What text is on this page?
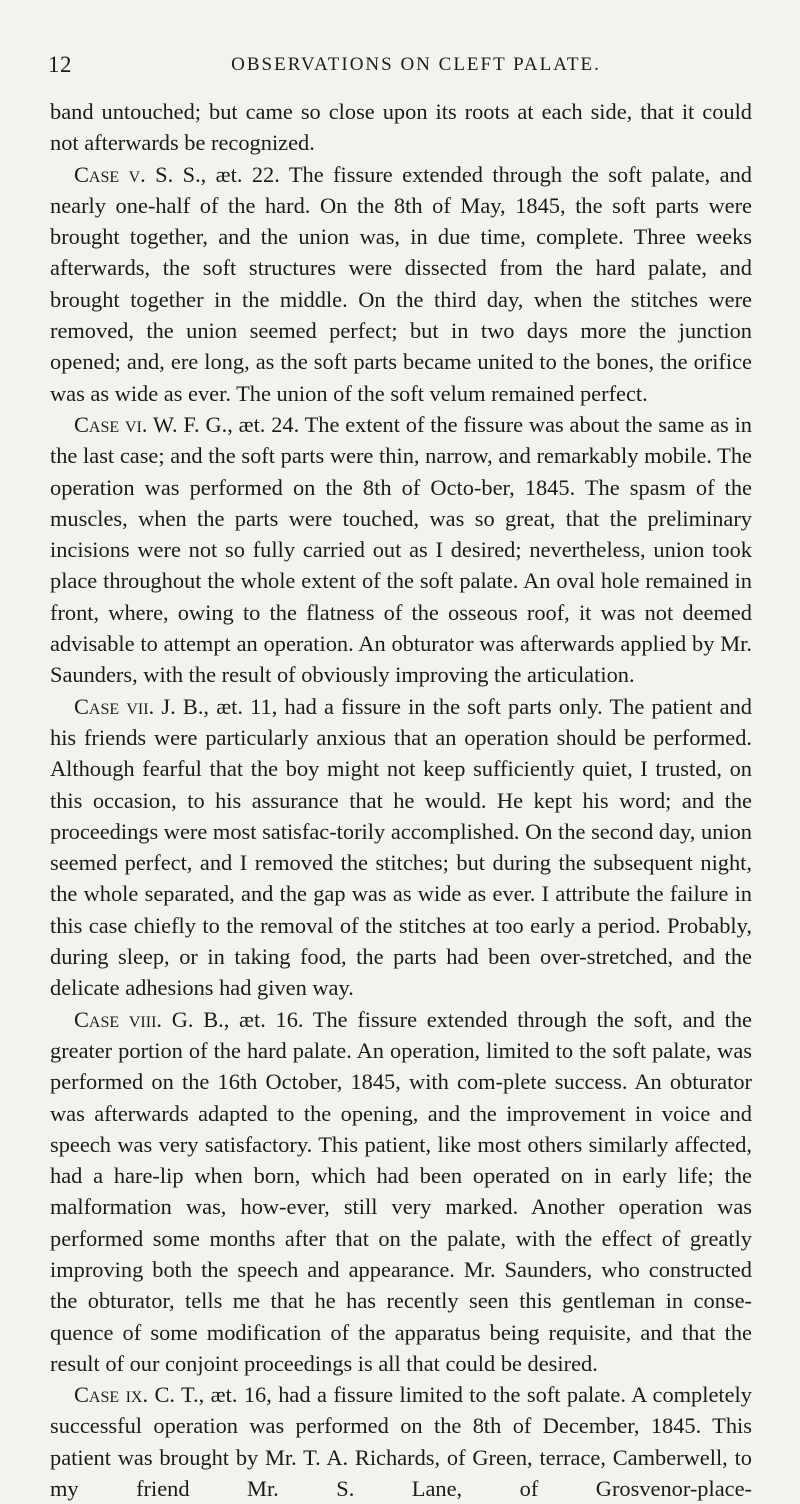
12	OBSERVATIONS ON CLEFT PALATE.

band untouched; but came so close upon its roots at each side, that it could not afterwards be recognized.

Case v. S. S., æt. 22. The fissure extended through the soft palate, and nearly one-half of the hard. On the 8th of May, 1845, the soft parts were brought together, and the union was, in due time, complete. Three weeks afterwards, the soft structures were dissected from the hard palate, and brought together in the middle. On the third day, when the stitches were removed, the union seemed perfect; but in two days more the junction opened; and, ere long, as the soft parts became united to the bones, the orifice was as wide as ever. The union of the soft velum remained perfect.

Case vi. W. F. G., æt. 24. The extent of the fissure was about the same as in the last case; and the soft parts were thin, narrow, and remarkably mobile. The operation was performed on the 8th of Octo-ber, 1845. The spasm of the muscles, when the parts were touched, was so great, that the preliminary incisions were not so fully carried out as I desired; nevertheless, union took place throughout the whole extent of the soft palate. An oval hole remained in front, where, owing to the flatness of the osseous roof, it was not deemed advisable to attempt an operation. An obturator was afterwards applied by Mr. Saunders, with the result of obviously improving the articulation.

Case vii. J. B., æt. 11, had a fissure in the soft parts only. The patient and his friends were particularly anxious that an operation should be performed. Although fearful that the boy might not keep sufficiently quiet, I trusted, on this occasion, to his assurance that he would. He kept his word; and the proceedings were most satisfac-torily accomplished. On the second day, union seemed perfect, and I removed the stitches; but during the subsequent night, the whole separated, and the gap was as wide as ever. I attribute the failure in this case chiefly to the removal of the stitches at too early a period. Probably, during sleep, or in taking food, the parts had been over-stretched, and the delicate adhesions had given way.

Case viii. G. B., æt. 16. The fissure extended through the soft, and the greater portion of the hard palate. An operation, limited to the soft palate, was performed on the 16th October, 1845, with com-plete success. An obturator was afterwards adapted to the opening, and the improvement in voice and speech was very satisfactory. This patient, like most others similarly affected, had a hare-lip when born, which had been operated on in early life; the malformation was, how-ever, still very marked. Another operation was performed some months after that on the palate, with the effect of greatly improving both the speech and appearance. Mr. Saunders, who constructed the obturator, tells me that he has recently seen this gentleman in conse-quence of some modification of the apparatus being requisite, and that the result of our conjoint proceedings is all that could be desired.

Case ix. C. T., æt. 16, had a fissure limited to the soft palate. A completely successful operation was performed on the 8th of December, 1845. This patient was brought by Mr. T. A. Richards, of Green, terrace, Camberwell, to my friend Mr. S. Lane, of Grosvenor-place-
